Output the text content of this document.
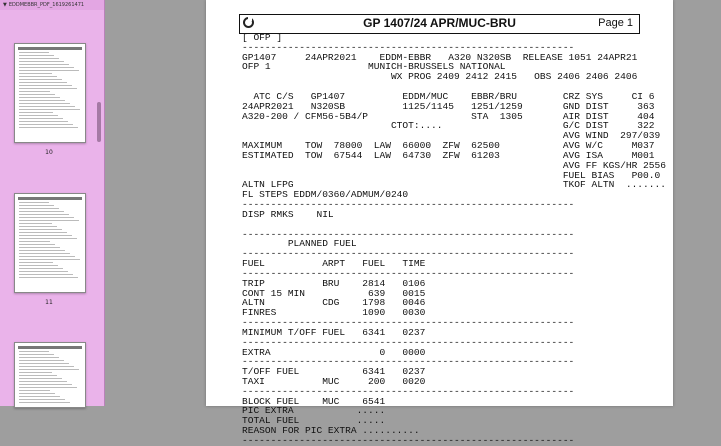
▼ EDDMEBBR_PDF_1619261471
10
11
GP 1407/24 APR/MUC-BRU	Page 1
[ OFP ]
----------------------------------------------------------
GP1407     24APR2021    EDDM-EBBR   A320 N320SB  RELEASE 1051 24APR21
OFP 1                 MUNICH-BRUSSELS NATIONAL
WX PROG 2409 2412 2415   OBS 2406 2406 2406
ATC C/S   GP1407          EDDM/MUC    EBBR/BRU        CRZ SYS     CI 6
24APR2021   N320SB          1125/1145   1251/1259       GND DIST     363
A320-200 / CFM56-5B4/P                  STA  1305       AIR DIST     404
CTOT:....                     G/C DIST     322
AVG WIND  297/039
MAXIMUM    TOW  78000  LAW  66000  ZFW  62500           AVG W/C     M037
ESTIMATED  TOW  67544  LAW  64730  ZFW  61203           AVG ISA     M001
AVG FF KGS/HR 2556
FUEL BIAS   P00.0
ALTN LFPG                                               TKOF ALTN  .......
FL STEPS EDDM/0360/ADMUM/0240
----------------------------------------------------------
DISP RMKS    NIL
----------------------------------------------------------
PLANNED FUEL
----------------------------------------------------------
FUEL          ARPT   FUEL   TIME
----------------------------------------------------------
TRIP          BRU    2814   0106
CONT 15 MIN           639   0015
ALTN          CDG    1798   0046
FINRES               1090   0030
----------------------------------------------------------
MINIMUM T/OFF FUEL   6341   0237
----------------------------------------------------------
EXTRA                   0   0000
----------------------------------------------------------
T/OFF FUEL           6341   0237
TAXI          MUC     200   0020
----------------------------------------------------------
BLOCK FUEL    MUC    6541
PIC EXTRA           .....
TOTAL FUEL          .....
REASON FOR PIC EXTRA ..........
----------------------------------------------------------
